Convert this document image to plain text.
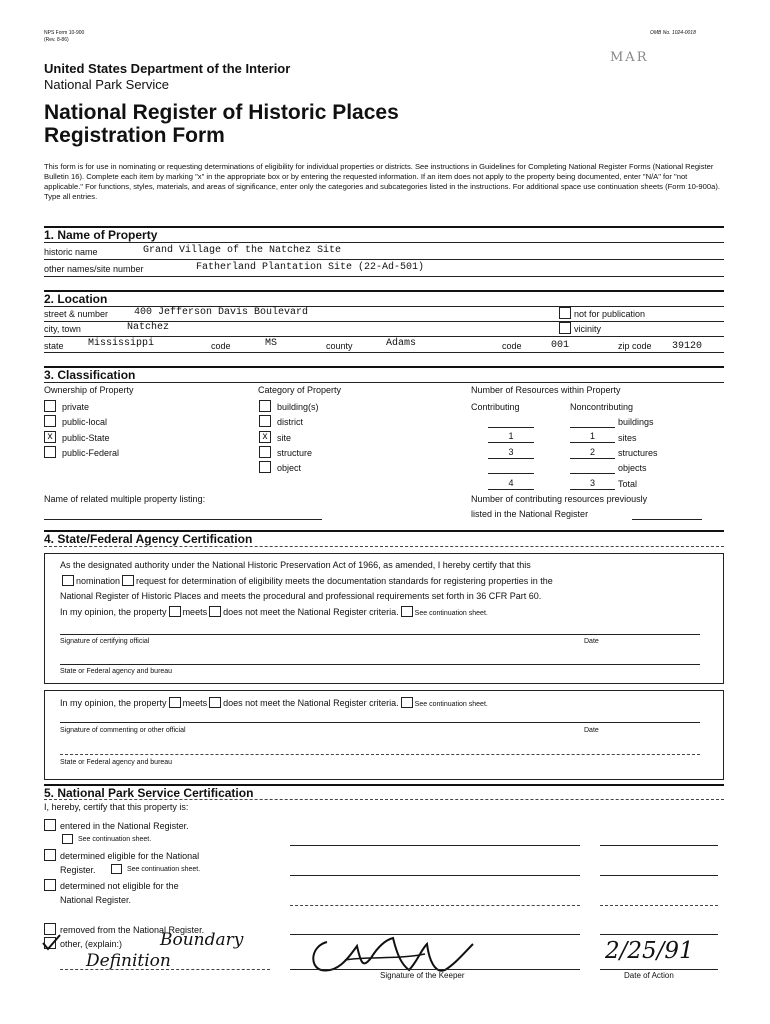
NPS Form 10-900
(Rev. 8-86)
OMB No. 1024-0018
MAR
United States Department of the Interior
National Park Service
National Register of Historic Places
Registration Form
This form is for use in nominating or requesting determinations of eligibility for individual properties or districts. See instructions in Guidelines for Completing National Register Forms (National Register Bulletin 16). Complete each item by marking "x" in the appropriate box or by entering the requested information. If an item does not apply to the property being documented, enter "N/A" for "not applicable." For functions, styles, materials, and areas of significance, enter only the categories and subcategories listed in the instructions. For additional space use continuation sheets (Form 10-900a). Type all entries.
1. Name of Property
historic name	Grand Village of the Natchez Site
other names/site number	Fatherland Plantation Site (22-Ad-501)
2. Location
street & number	400 Jefferson Davis Boulevard	not for publication
city, town	Natchez	vicinity
state Mississippi	code	MS	county	Adams	code	001	zip code 39120
3. Classification
Ownership of Property
private
public-local
x	public-State
public-Federal
Category of Property
building(s)
district
x	site
structure
object
Number of Resources within Property
Contributing	Noncontributing
buildings
1	1	sites
3	2	structures
objects
4	3	Total
Name of related multiple property listing:	Number of contributing resources previously
listed in the National Register
4. State/Federal Agency Certification
As the designated authority under the National Historic Preservation Act of 1966, as amended, I hereby certify that this
nomination request for determination of eligibility meets the documentation standards for registering properties in the
National Register of Historic Places and meets the procedural and professional requirements set forth in 36 CFR Part 60.
In my opinion, the property meets does not meet the National Register criteria. See continuation sheet.
Signature of certifying official	Date
State or Federal agency and bureau
In my opinion, the property meets does not meet the National Register criteria. See continuation sheet.
Signature of commenting or other official	Date
State or Federal agency and bureau
5. National Park Service Certification
I, hereby, certify that this property is:
entered in the National Register.
See continuation sheet.
determined eligible for the National
Register.	See continuation sheet.
determined not eligible for the
National Register.
removed from the National Register.
other, (explain:) Boundary
Definition
Signature of the Keeper
2/25/91
Date of Action
